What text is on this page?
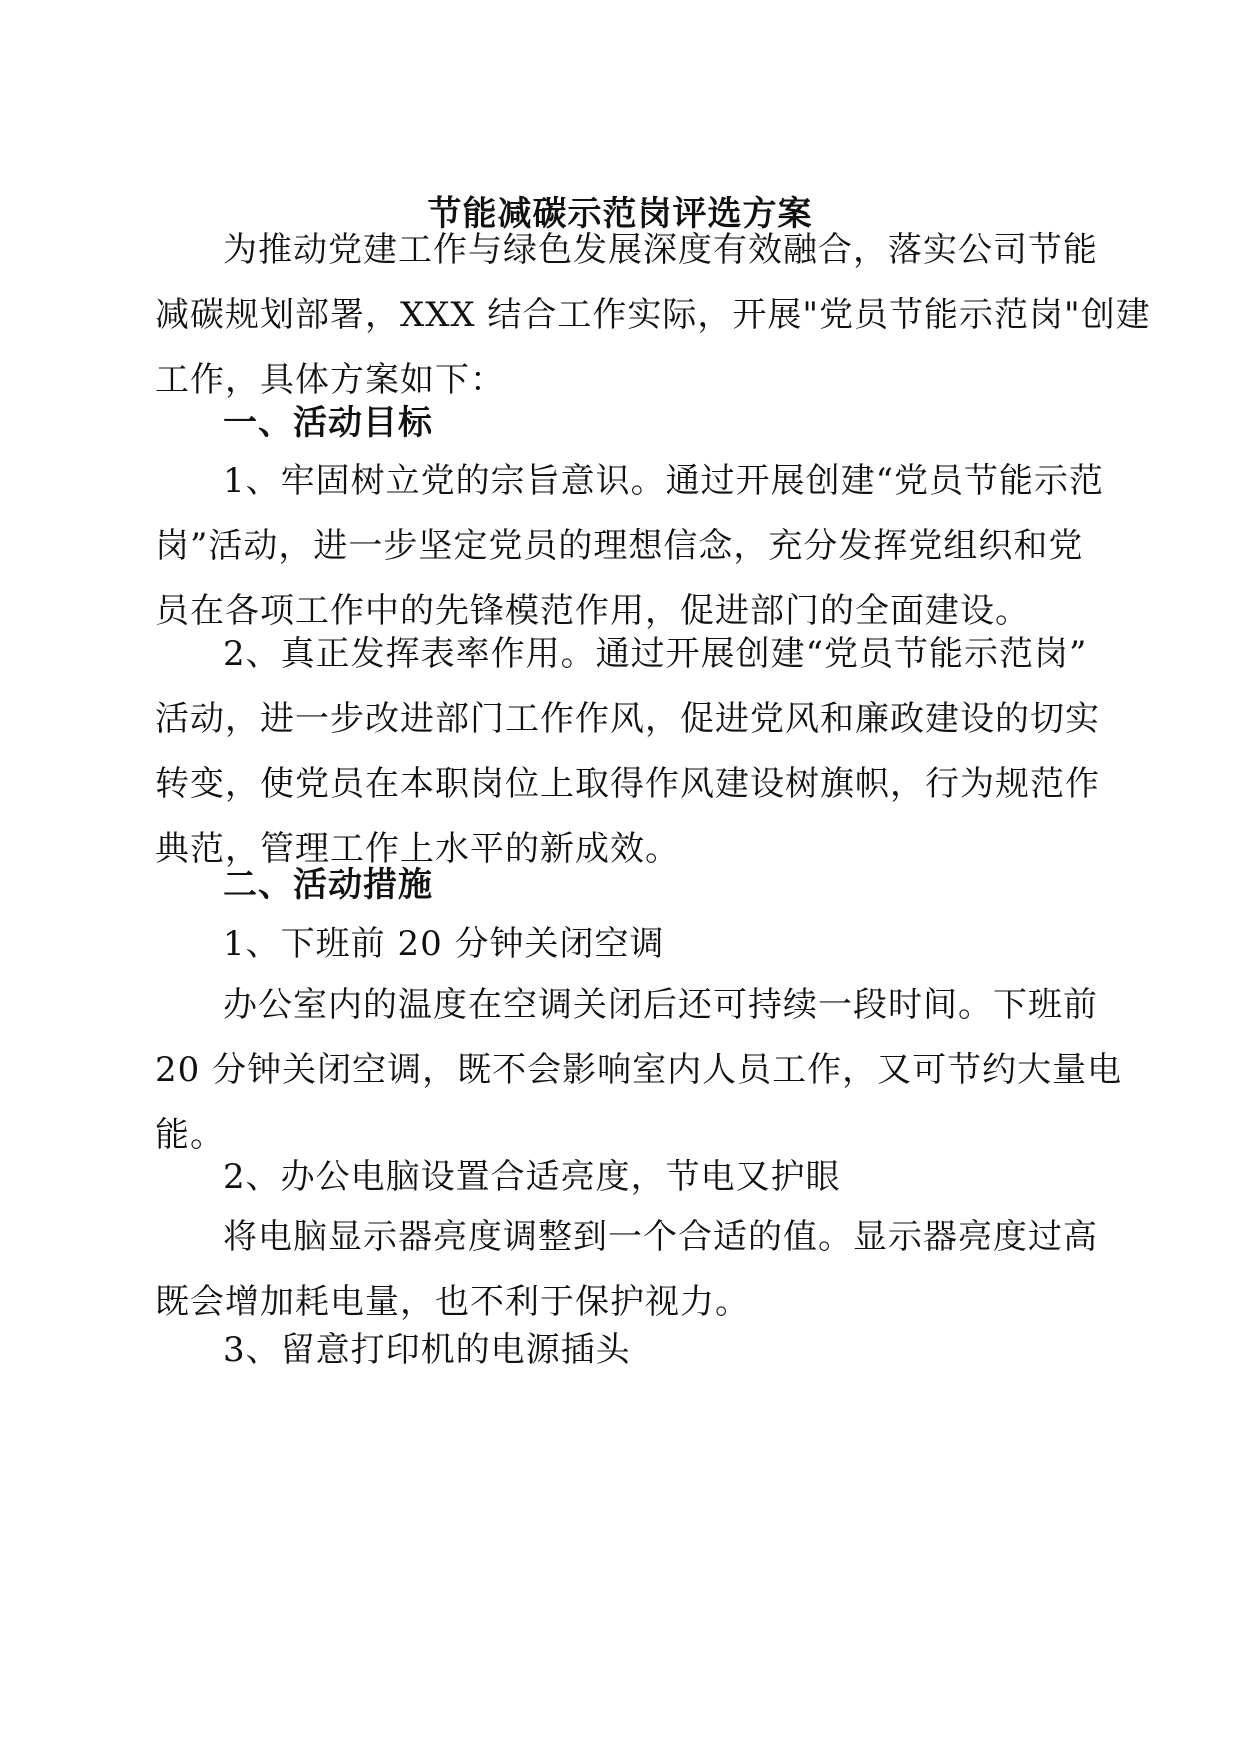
节能减碳示范岗评选方案
为推动党建工作与绿色发展深度有效融合，落实公司节能
减碳规划部署，XXX 结合工作实际，开展"党员节能示范岗"创建
工作，具体方案如下：
一、活动目标
1、牢固树立党的宗旨意识。通过开展创建“党员节能示范
岗”活动，进一步坚定党员的理想信念，充分发挥党组织和党
员在各项工作中的先锋模范作用，促进部门的全面建设。
2、真正发挥表率作用。通过开展创建“党员节能示范岗”
活动，进一步改进部门工作作风，促进党风和廉政建设的切实
转变，使党员在本职岗位上取得作风建设树旗帜，行为规范作
典范，管理工作上水平的新成效。
二、活动措施
1、下班前 20 分钟关闭空调
办公室内的温度在空调关闭后还可持续一段时间。下班前
20 分钟关闭空调，既不会影响室内人员工作，又可节约大量电
能。
2、办公电脑设置合适亮度，节电又护眼
将电脑显示器亮度调整到一个合适的值。显示器亮度过高
既会增加耗电量，也不利于保护视力。
3、留意打印机的电源插头
